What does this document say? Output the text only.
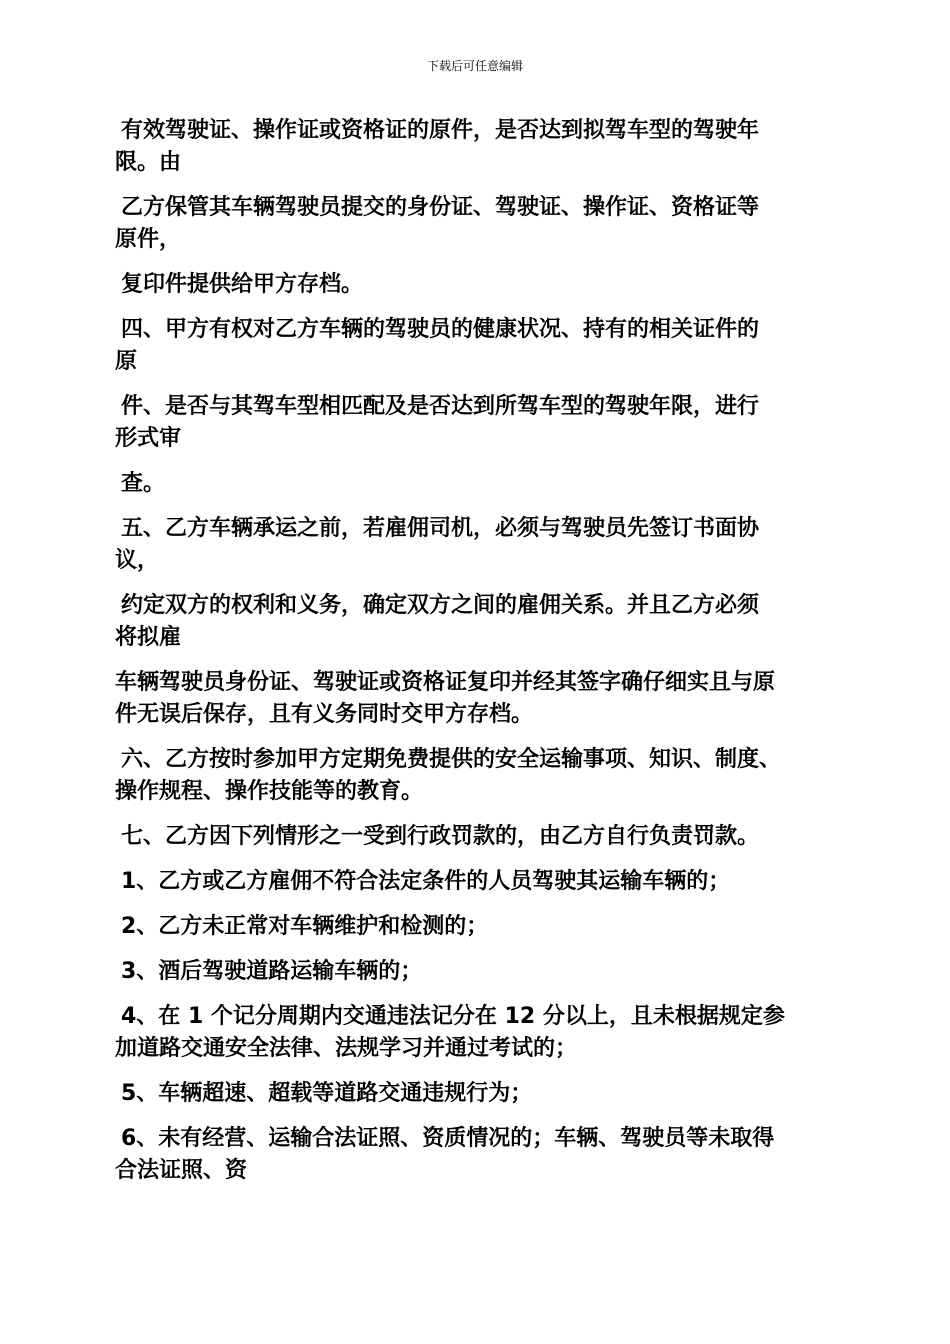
下载后可任意编辑

有效驾驶证、操作证或资格证的原件，是否达到拟驾车型的驾驶年
限。由

乙方保管其车辆驾驶员提交的身份证、驾驶证、操作证、资格证等
原件，

复印件提供给甲方存档。

四、甲方有权对乙方车辆的驾驶员的健康状况、持有的相关证件的
原

件、是否与其驾车型相匹配及是否达到所驾车型的驾驶年限，进行
形式审

查。

五、乙方车辆承运之前，若雇佣司机，必须与驾驶员先签订书面协
议，

约定双方的权利和义务，确定双方之间的雇佣关系。并且乙方必须
将拟雇

车辆驾驶员身份证、驾驶证或资格证复印并经其签字确仔细实且与原
件无误后保存，且有义务同时交甲方存档。

六、乙方按时参加甲方定期免费提供的安全运输事项、知识、制度、
操作规程、操作技能等的教育。

七、乙方因下列情形之一受到行政罚款的，由乙方自行负责罚款。

1、乙方或乙方雇佣不符合法定条件的人员驾驶其运输车辆的；

2、乙方未正常对车辆维护和检测的；

3、酒后驾驶道路运输车辆的；

4、在 1 个记分周期内交通违法记分在 12 分以上，且未根据规定参
加道路交通安全法律、法规学习并通过考试的；

5、车辆超速、超载等道路交通违规行为；

6、未有经营、运输合法证照、资质情况的；车辆、驾驶员等未取得
合法证照、资
